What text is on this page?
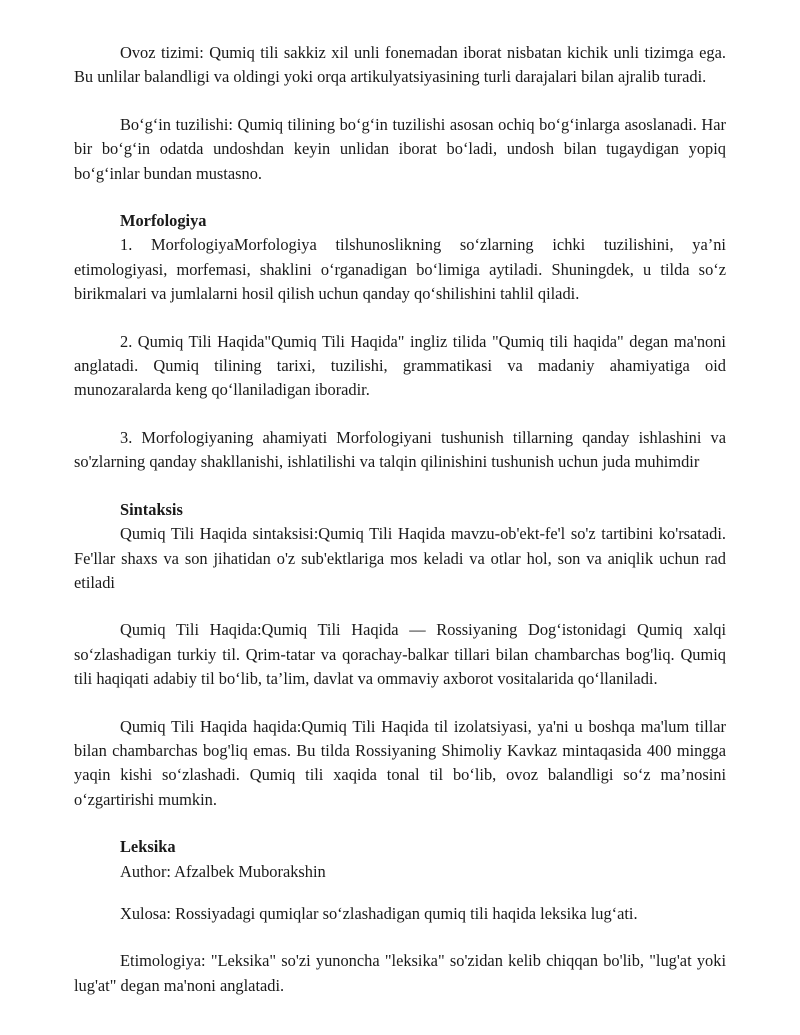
Ovoz tizimi: Qumiq tili sakkiz xil unli fonemadan iborat nisbatan kichik unli tizimga ega. Bu unlilar balandligi va oldingi yoki orqa artikulyatsiyasining turli darajalari bilan ajralib turadi.

Bo‘g‘in tuzilishi: Qumiq tilining bo‘g‘in tuzilishi asosan ochiq bo‘g‘inlarga asoslanadi. Har bir bo‘g‘in odatda undoshdan keyin unlidan iborat bo‘ladi, undosh bilan tugaydigan yopiq bo‘g‘inlar bundan mustasno.

Morfologiya

1. MorfologiyaMorfologiya tilshunoslikning so‘zlarning ichki tuzilishini, ya’ni etimologiyasi, morfemasi, shaklini o‘rganadigan bo‘limiga aytiladi. Shuningdek, u tilda so‘z birikmalari va jumlalarni hosil qilish uchun qanday qo‘shilishini tahlil qiladi.

2. Qumiq Tili Haqida"Qumiq Tili Haqida" ingliz tilida "Qumiq tili haqida" degan ma'noni anglatadi. Qumiq tilining tarixi, tuzilishi, grammatikasi va madaniy ahamiyatiga oid munozaralarda keng qo‘llaniladigan iboradir.

3. Morfologiyaning ahamiyati Morfologiyani tushunish tillarning qanday ishlashini va so'zlarning qanday shakllanishi, ishlatilishi va talqin qilinishini tushunish uchun juda muhimdir

Sintaksis

Qumiq Tili Haqida sintaksisi:Qumiq Tili Haqida mavzu-ob'ekt-fe'l so'z tartibini ko'rsatadi. Fe'llar shaxs va son jihatidan o'z sub'ektlariga mos keladi va otlar hol, son va aniqlik uchun rad etiladi

Qumiq Tili Haqida:Qumiq Tili Haqida — Rossiyaning Dog‘istonidagi Qumiq xalqi so‘zlashadigan turkiy til. Qrim-tatar va qorachay-balkar tillari bilan chambarchas bog'liq. Qumiq tili haqiqati adabiy til bo‘lib, ta’lim, davlat va ommaviy axborot vositalarida qo‘llaniladi.

Qumiq Tili Haqida haqida:Qumiq Tili Haqida til izolatsiyasi, ya'ni u boshqa ma'lum tillar bilan chambarchas bog'liq emas. Bu tilda Rossiyaning Shimoliy Kavkaz mintaqasida 400 mingga yaqin kishi so‘zlashadi. Qumiq tili xaqida tonal til bo‘lib, ovoz balandligi so‘z ma’nosini o‘zgartirishi mumkin.

Leksika

Author: Afzalbek Muborakshin

Xulosa: Rossiyadagi qumiqlar so‘zlashadigan qumiq tili haqida leksika lug‘ati.

Etimologiya: "Leksika" so'zi yunoncha "leksika" so'zidan kelib chiqqan bo'lib, "lug'at yoki lug'at" degan ma'noni anglatadi.
